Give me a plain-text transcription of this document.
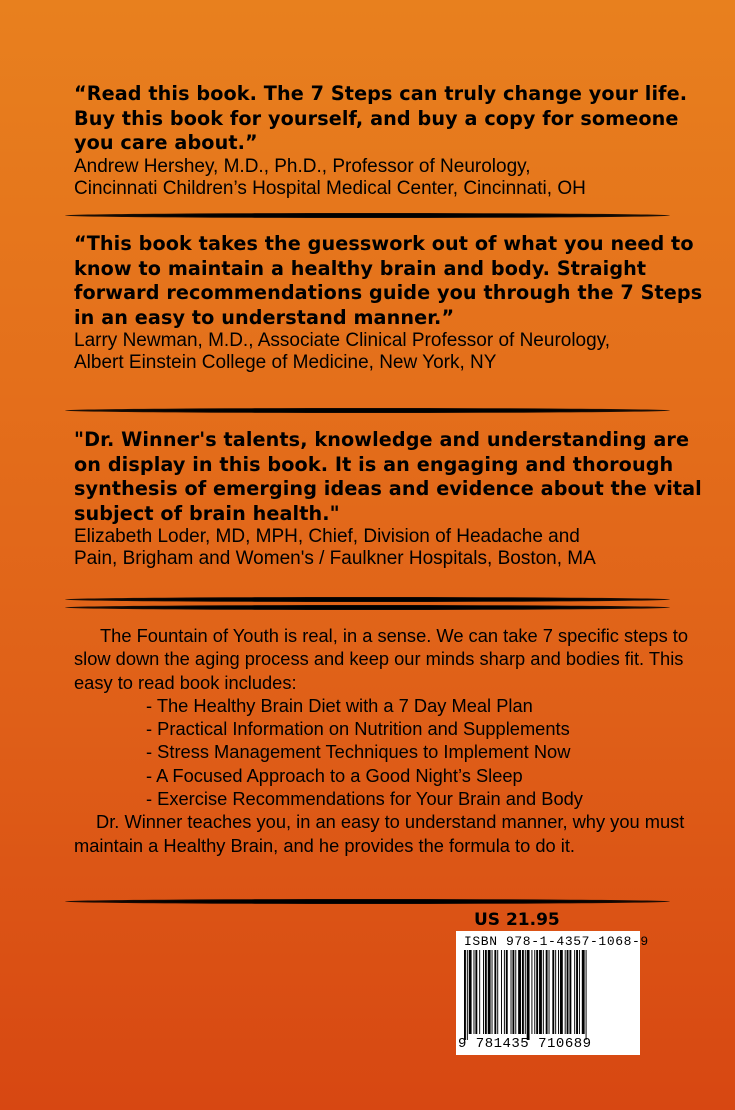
“Read this book. The 7 Steps can truly change your life. Buy this book for yourself, and buy a copy for someone you care about.”

Andrew Hershey, M.D., Ph.D., Professor of Neurology,

Cincinnati Children’s Hospital Medical Center, Cincinnati, OH

“This book takes the guesswork out of what you need to know to maintain a healthy brain and body. Straight forward recommendations guide you through the 7 Steps in an easy to understand manner.”

Larry Newman, M.D., Associate Clinical Professor of Neurology,

Albert Einstein College of Medicine, New York, NY

"Dr. Winner's talents, knowledge and understanding are on display in this book. It is an engaging and thorough synthesis of emerging ideas and evidence about the vital subject of brain health."

Elizabeth Loder, MD, MPH, Chief, Division of Headache and

Pain, Brigham and Women's / Faulkner Hospitals, Boston, MA

The Fountain of Youth is real, in a sense. We can take 7 specific steps to slow down the aging process and keep our minds sharp and bodies fit. This easy to read book includes:

- The Healthy Brain Diet with a 7 Day Meal Plan
- Practical Information on Nutrition and Supplements
- Stress Management Techniques to Implement Now
- A Focused Approach to a Good Night’s Sleep
- Exercise Recommendations for Your Brain and Body

Dr. Winner teaches you, in an easy to understand manner, why you must maintain a Healthy Brain, and he provides the formula to do it.

US 21.95
ISBN 978-1-4357-1068-9
9 781435 710689
